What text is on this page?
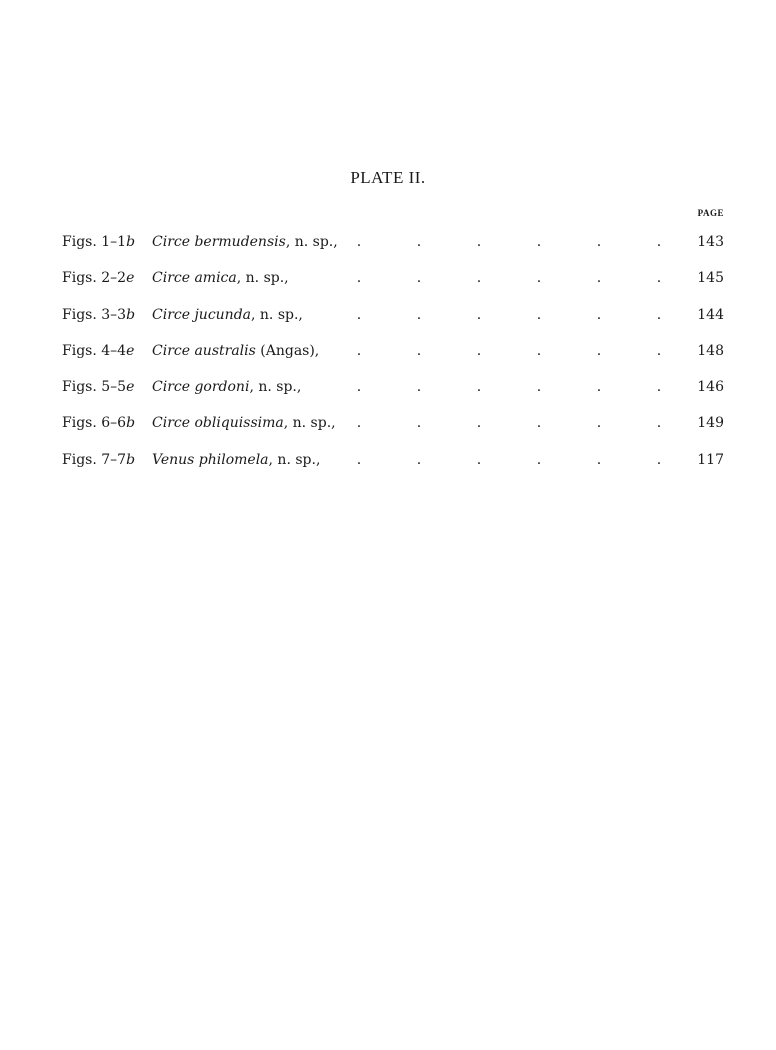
PLATE II.
PAGE
Figs. 1–1b Circe bermudensis, n. sp., .	.	.	.	.	.	143
Figs. 2–2e Circe amica, n. sp.,	.	.	.	.	.	.	145
Figs. 3–3b Circe jucunda, n. sp.,	.	.	.	.	.	.	144
Figs. 4–4e Circe australis (Angas),	.	.	.	.	.	.	148
Figs. 5–5e Circe gordoni, n. sp.,	.	.	.	.	.	.	146
Figs. 6–6b Circe obliquissima, n. sp., .	.	.	.	.	.	149
Figs. 7–7b Venus philomela, n. sp.,	.	.	.	.	.	.	117
